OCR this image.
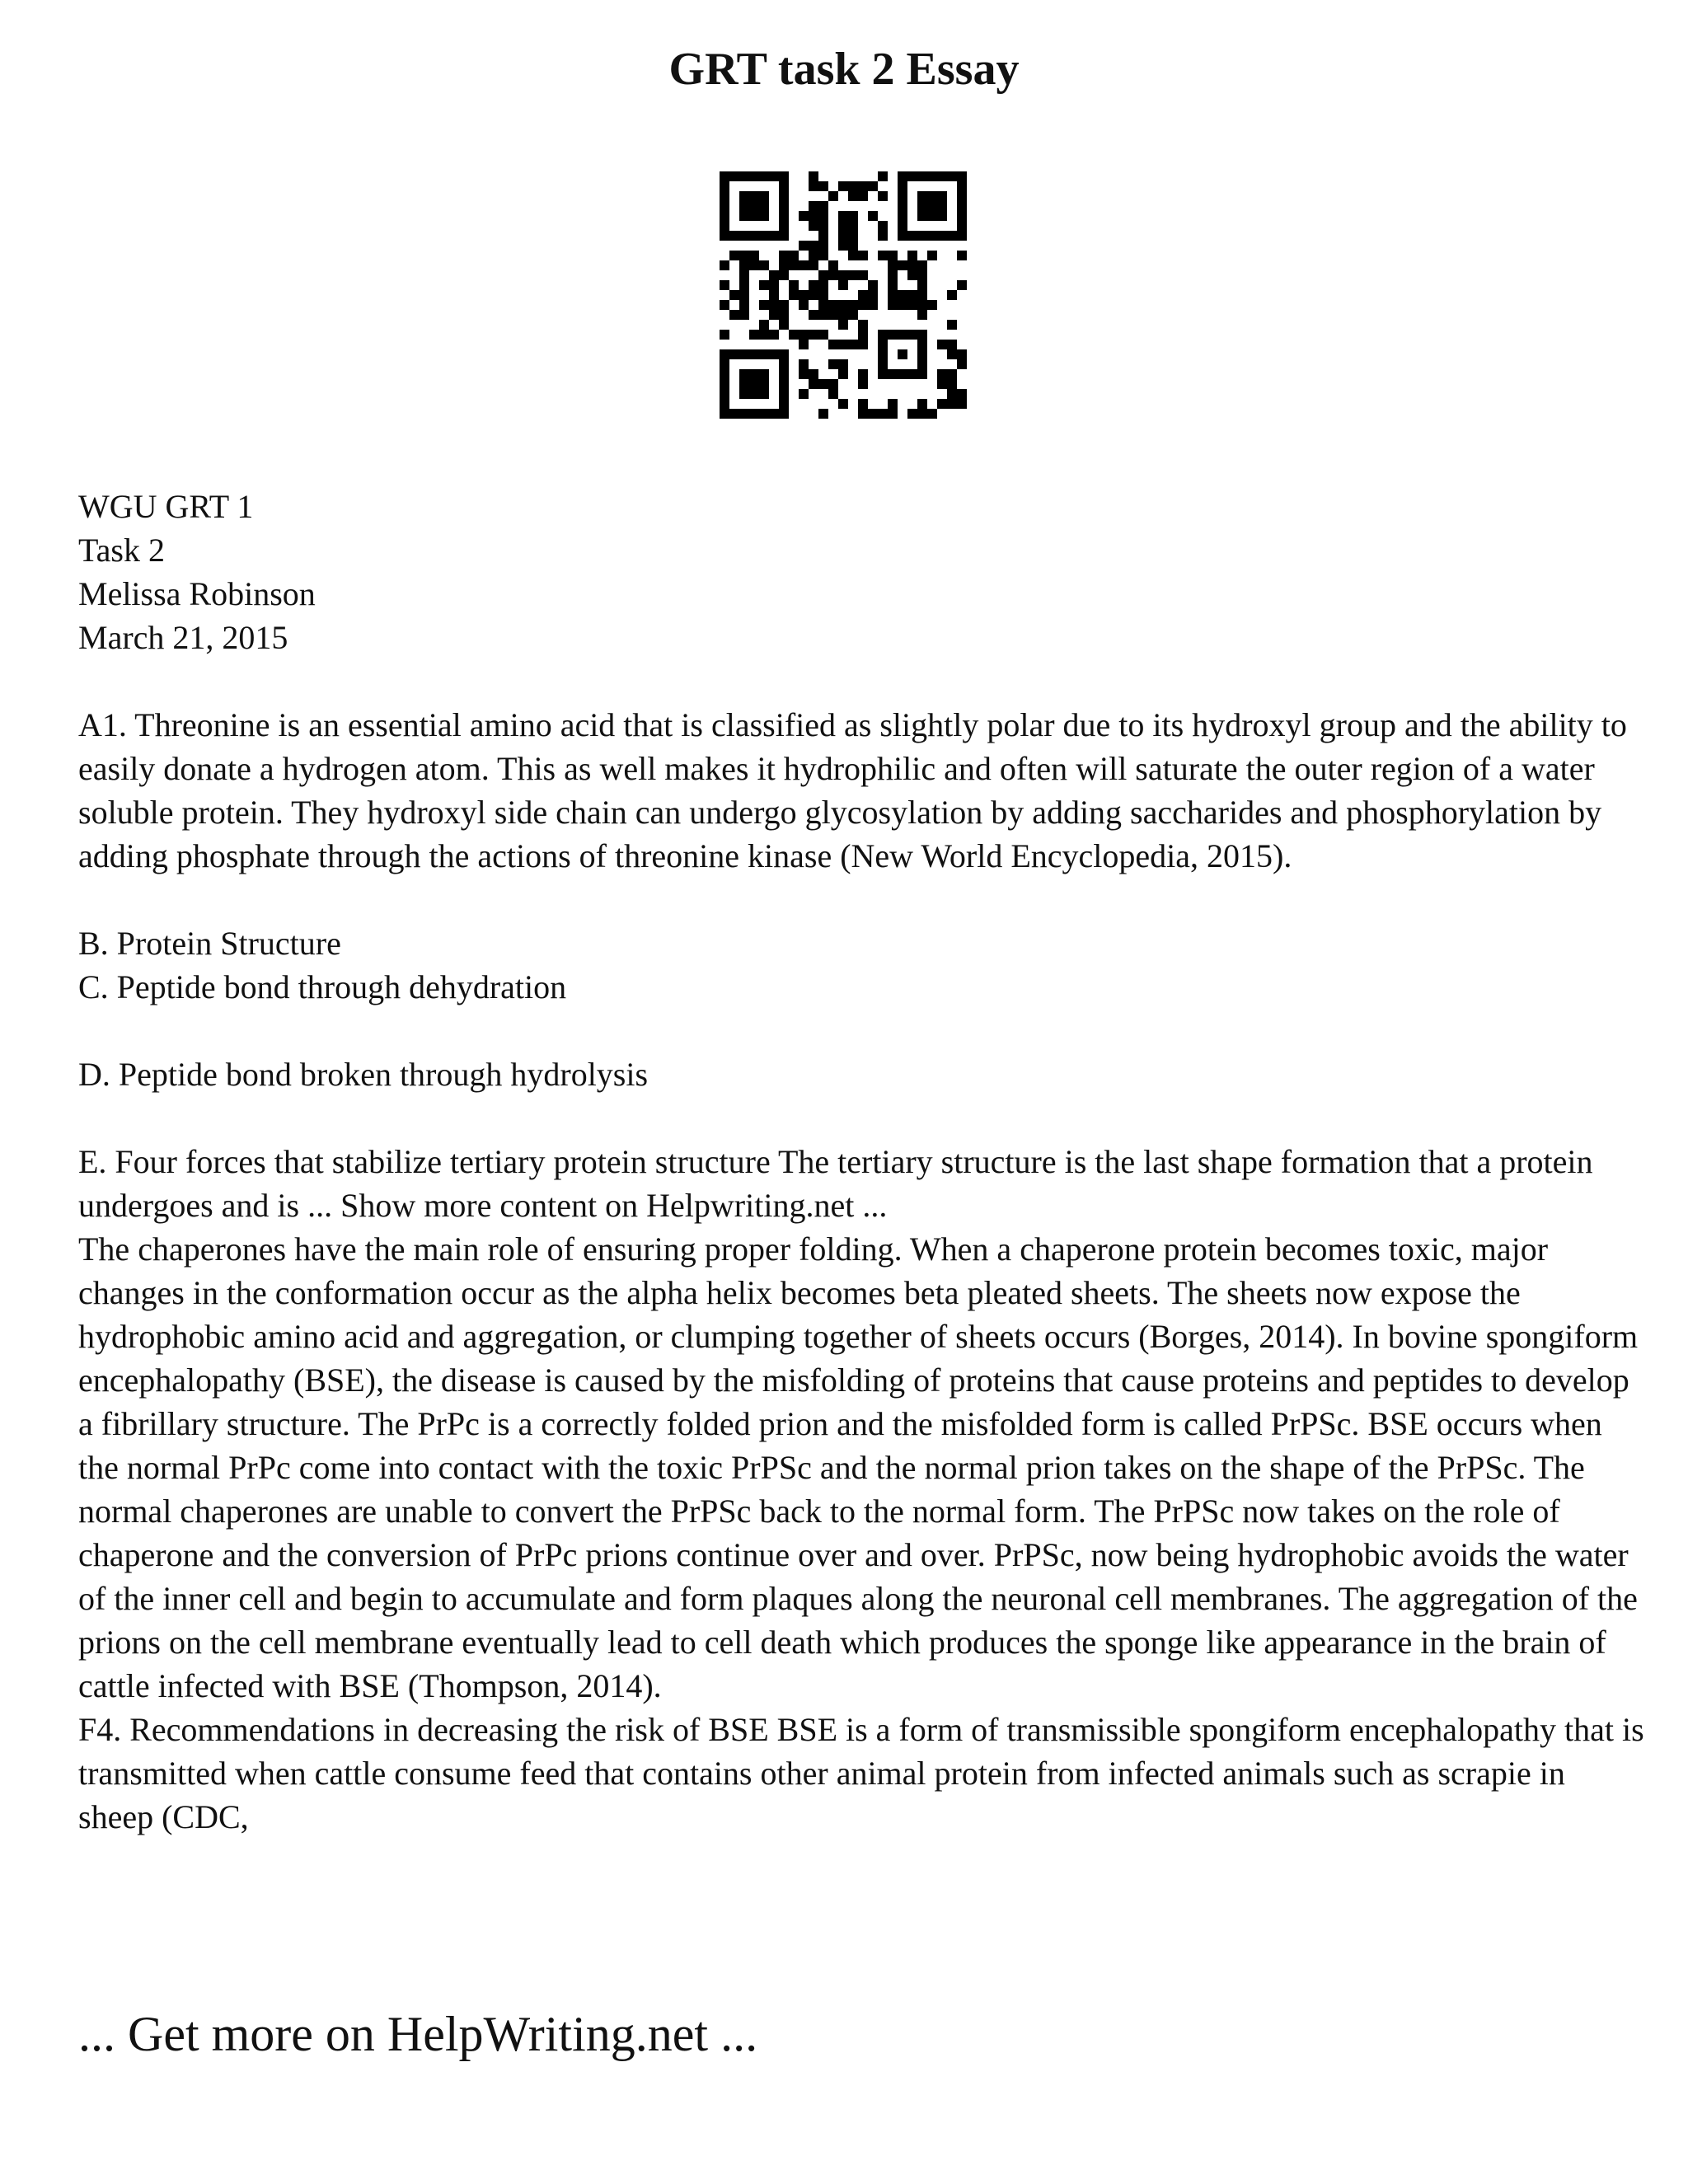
GRT task 2 Essay

WGU GRT 1

Task 2

Melissa Robinson

March 21, 2015

A1. Threonine is an essential amino acid that is classified as slightly polar due to its hydroxyl group and the ability to easily donate a hydrogen atom. This as well makes it hydrophilic and often will saturate the outer region of a water soluble protein. They hydroxyl side chain can undergo glycosylation by adding saccharides and phosphorylation by adding phosphate through the actions of threonine kinase (New World Encyclopedia, 2015).

B. Protein Structure

C. Peptide bond through dehydration

D. Peptide bond broken through hydrolysis

E. Four forces that stabilize tertiary protein structure The tertiary structure is the last shape formation that a protein undergoes and is ... Show more content on Helpwriting.net ...

The chaperones have the main role of ensuring proper folding. When a chaperone protein becomes toxic, major changes in the conformation occur as the alpha helix becomes beta pleated sheets. The sheets now expose the hydrophobic amino acid and aggregation, or clumping together of sheets occurs (Borges, 2014). In bovine spongiform encephalopathy (BSE), the disease is caused by the misfolding of proteins that cause proteins and peptides to develop a fibrillary structure. The PrPc is a correctly folded prion and the misfolded form is called PrPSc. BSE occurs when the normal PrPc come into contact with the toxic PrPSc and the normal prion takes on the shape of the PrPSc. The normal chaperones are unable to convert the PrPSc back to the normal form. The PrPSc now takes on the role of chaperone and the conversion of PrPc prions continue over and over. PrPSc, now being hydrophobic avoids the water of the inner cell and begin to accumulate and form plaques along the neuronal cell membranes. The aggregation of the prions on the cell membrane eventually lead to cell death which produces the sponge like appearance in the brain of cattle infected with BSE (Thompson, 2014).

F4. Recommendations in decreasing the risk of BSE BSE is a form of transmissible spongiform encephalopathy that is transmitted when cattle consume feed that contains other animal protein from infected animals such as scrapie in sheep (CDC,

... Get more on HelpWriting.net ...
